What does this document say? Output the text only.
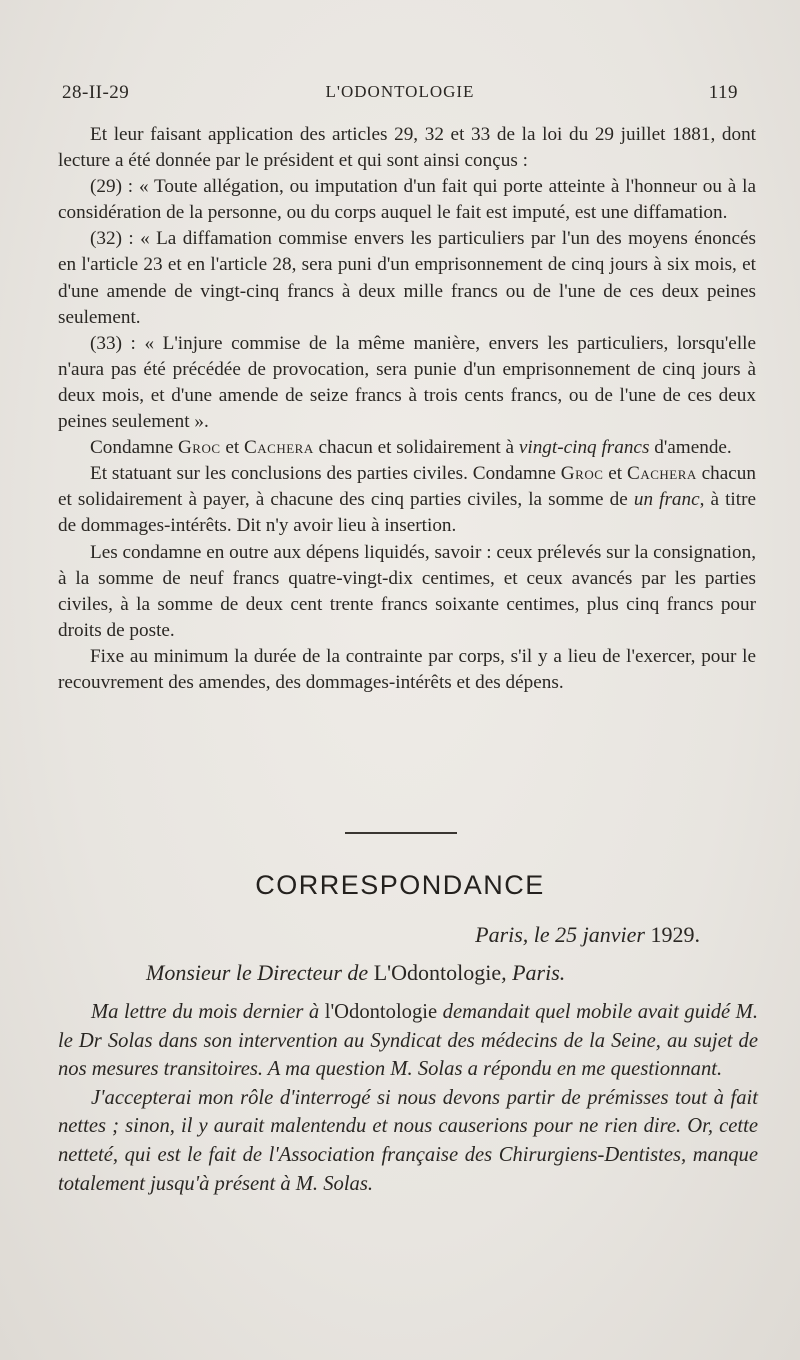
28-II-29	L'ODONTOLOGIE	119

Et leur faisant application des articles 29, 32 et 33 de la loi du 29 juillet 1881, dont lecture a été donnée par le président et qui sont ainsi conçus :

(29) : « Toute allégation, ou imputation d'un fait qui porte atteinte à l'honneur ou à la considération de la personne, ou du corps auquel le fait est imputé, est une diffamation.

(32) : « La diffamation commise envers les particuliers par l'un des moyens énoncés en l'article 23 et en l'article 28, sera puni d'un emprisonnement de cinq jours à six mois, et d'une amende de vingt-cinq francs à deux mille francs ou de l'une de ces deux peines seulement.

(33) : « L'injure commise de la même manière, envers les particuliers, lorsqu'elle n'aura pas été précédée de provocation, sera punie d'un emprisonnement de cinq jours à deux mois, et d'une amende de seize francs à trois cents francs, ou de l'une de ces deux peines seulement ».

Condamne Groc et Cachera chacun et solidairement à vingt-cinq francs d'amende.

Et statuant sur les conclusions des parties civiles. Condamne Groc et Cachera chacun et solidairement à payer, à chacune des cinq parties civiles, la somme de un franc, à titre de dommages-intérêts. Dit n'y avoir lieu à insertion.

Les condamne en outre aux dépens liquidés, savoir : ceux prélevés sur la consignation, à la somme de neuf francs quatre-vingt-dix centimes, et ceux avancés par les parties civiles, à la somme de deux cent trente francs soixante centimes, plus cinq francs pour droits de poste.

Fixe au minimum la durée de la contrainte par corps, s'il y a lieu de l'exercer, pour le recouvrement des amendes, des dommages-intérêts et des dépens.

CORRESPONDANCE
Paris, le 25 janvier 1929.
Monsieur le Directeur de L'Odontologie, Paris.

Ma lettre du mois dernier à l'Odontologie demandait quel mobile avait guidé M. le Dr Solas dans son intervention au Syndicat des médecins de la Seine, au sujet de nos mesures transitoires. A ma question M. Solas a répondu en me questionnant.

J'accepterai mon rôle d'interrogé si nous devons partir de prémisses tout à fait nettes ; sinon, il y aurait malentendu et nous causerions pour ne rien dire. Or, cette netteté, qui est le fait de l'Association française des Chirurgiens-Dentistes, manque totalement jusqu'à présent à M. Solas.
